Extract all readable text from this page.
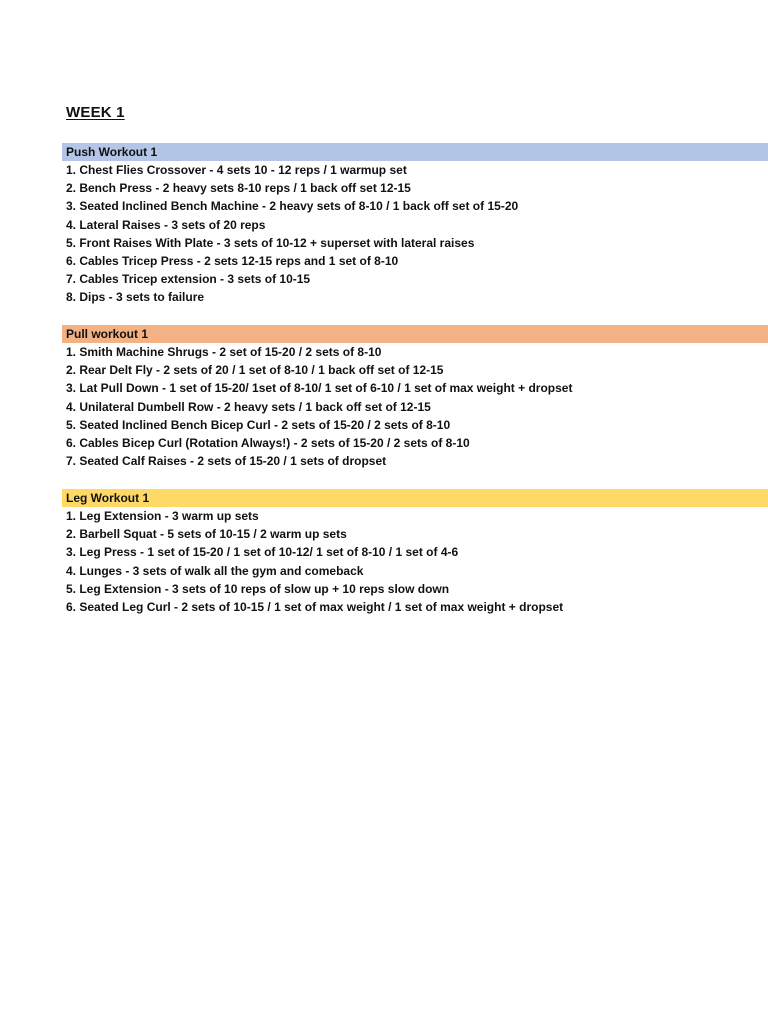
WEEK 1
Push Workout 1
1. Chest Flies Crossover - 4 sets 10 - 12 reps / 1 warmup set
2. Bench Press - 2 heavy sets 8-10 reps / 1 back off set 12-15
3. Seated Inclined Bench Machine - 2 heavy sets of 8-10 / 1 back off set of 15-20
4. Lateral Raises - 3 sets of 20 reps
5. Front Raises With Plate - 3 sets of 10-12 + superset with lateral raises
6. Cables Tricep Press - 2 sets 12-15 reps and 1 set of 8-10
7. Cables Tricep extension - 3 sets of 10-15
8. Dips - 3 sets to failure
Pull workout 1
1. Smith Machine Shrugs - 2 set of 15-20 / 2 sets of 8-10
2. Rear Delt Fly - 2 sets of 20 / 1 set of 8-10 / 1 back off set of 12-15
3. Lat Pull Down - 1 set of 15-20/ 1set of 8-10/ 1 set of 6-10 / 1 set of max weight + dropset
4. Unilateral Dumbell Row - 2 heavy sets / 1 back off set of 12-15
5. Seated Inclined Bench Bicep Curl - 2 sets of 15-20 / 2 sets of 8-10
6. Cables Bicep Curl (Rotation Always!) - 2 sets of 15-20 / 2 sets of 8-10
7. Seated Calf Raises - 2 sets of 15-20 / 1 sets of dropset
Leg Workout 1
1. Leg Extension - 3 warm up sets
2. Barbell Squat - 5 sets of 10-15 / 2 warm up sets
3. Leg Press - 1 set of 15-20 / 1 set of 10-12/ 1 set of 8-10 / 1 set of 4-6
4. Lunges - 3 sets of walk all the gym and comeback
5. Leg Extension - 3 sets of 10 reps of slow up + 10 reps slow down
6. Seated Leg Curl - 2 sets of 10-15 / 1 set of max weight / 1 set of max weight + dropset
